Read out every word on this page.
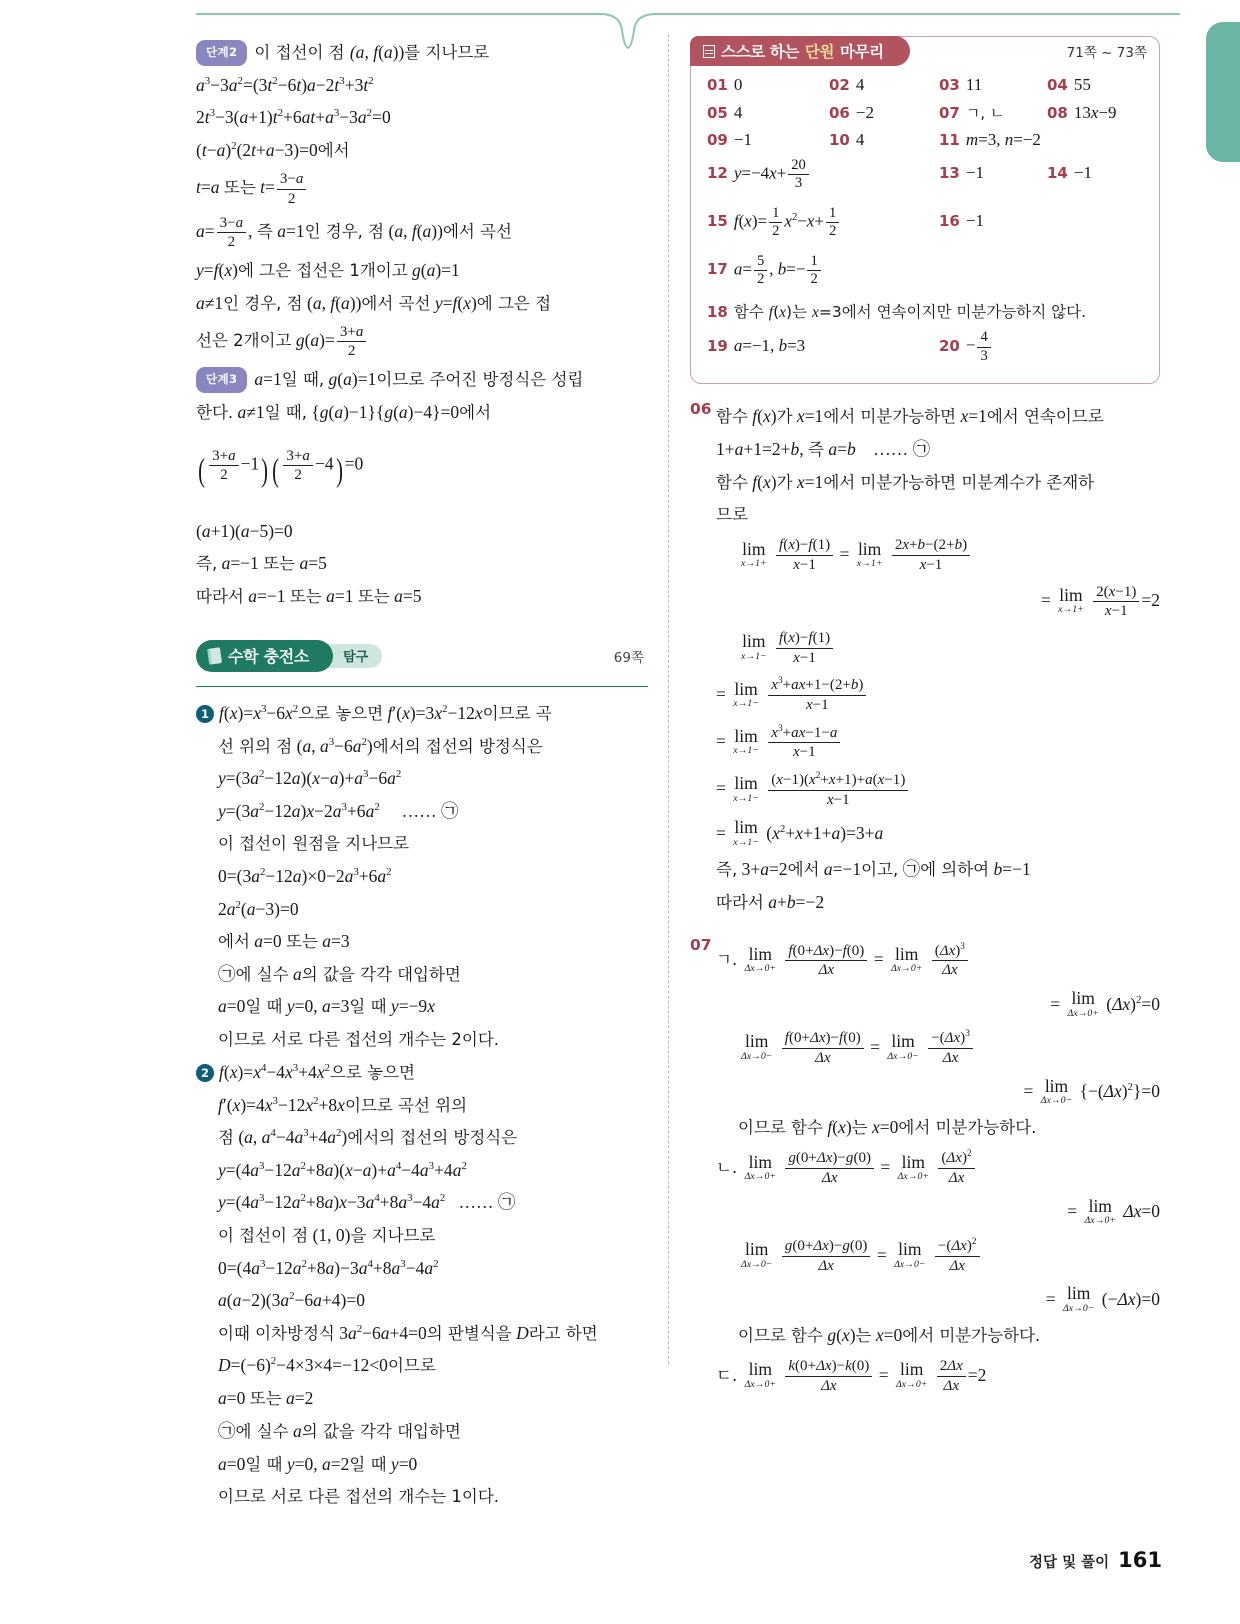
단계2 이 접선이 점 (a, f(a))를 지나므로
$a^3-3a^2=(3t^2-6t)a-2t^3+3t^2$
$2t^3-3(a+1)t^2+6at+a^3-3a^2=0$
$(t-a)^2(2t+a-3)=0$에서
t=a 또는 $t= \frac{3-a}{2}$
$a= \frac{3-a}{2}$ , 즉 a=1인 경우, 점 (a, f(a))에서 곡선
y=f(x)에 그은 접선은 1개이고 g(a)=1
a≠1인 경우, 점 (a, f(a))에서 곡선 y=f(x)에 그은 접
선은 2개이고 $g(a)= \frac{3+a}{2}$
단계3 a=1일 때, g(a)=1이므로 주어진 방정식은 성립
한다. a≠1일 때, {g(a)−1}{g(a)−4}=0에서
( $\frac{3+a}{2} -1$) ( $\frac{3+a}{2} -4) =0$
(a+1)(a−5)=0
즉, a=−1 또는 a=5
따라서 a=−1 또는 a=1 또는 a=5
수학 충전소	탐구	69쪽
1 $f(x)=x^3-6x^2$으로 놓으면 $f'(x)=3x^2-12x$이므로 곡
선 위의 점 (a, $a^3-6a^2$)에서의 접선의 방정식은
$y=(3a^2-12a)(x-a)+a^3-6a^2$
$y=(3a^2-12a)x-2a^3+6a^2$     …… ㉠
이 접선이 원점을 지나므로
$0=(3a^2-12a)\times 0-2a^3+6a^2$
$2a^2(a-3)=0$
에서 a=0 또는 a=3
㉠에 실수 a의 값을 각각 대입하면
a=0일 때 y=0, a=3일 때 y=−9x
이므로 서로 다른 접선의 개수는 2이다.
2 $f(x)=x^4-4x^3+4x^2$으로 놓으면
$f'(x)=4x^3-12x^2+8x$이므로 곡선 위의
점 (a, $a^4-4a^3+4a^2$)에서의 접선의 방정식은
$y=(4a^3-12a^2+8a)(x-a)+a^4-4a^3+4a^2$
$y=(4a^3-12a^2+8a)x-3a^4+8a^3-4a^2$   …… ㉠
이 접선이 점 (1, 0)을 지나므로
$0=(4a^3-12a^2+8a)-3a^4+8a^3-4a^2$
$a(a-2)(3a^2-6a+4)=0$
이때 이차방정식 $3a^2-6a+4=0$의 판별식을 D라고 하면
$D=(-6)^2-4\times 3\times 4=-12<0$이므로
a=0 또는 a=2
㉠에 실수 a의 값을 각각 대입하면
a=0일 때 y=0, a=2일 때 y=0
이므로 서로 다른 접선의 개수는 1이다.
스스로 하는 단원 마무리	71쪽 ~ 73쪽
01 0	02 4	03 11	04 55
05 4	06 −2	07 ㄱ, ㄴ	08 13x−9
09 −1	10 4	11 m=3, n=−2
12 $y=-4x+ \frac{20}{3}$	13 −1	14 −1
15 $f(x)= \frac{1}{2} x^2-x+ \frac{1}{2}$	16 −1
17 $a= \frac{5}{2}$ , $b=- \frac{1}{2}$
18 함수 f(x)는 x=3에서 연속이지만 미분가능하지 않다.
19 a=−1, b=3	$20 - \frac{4}{3}$
06 함수 f(x)가 x=1에서 미분가능하면 x=1에서 연속이므로
1+a+1=2+b, 즉 a=b    …… ㉠
함수 f(x)가 x=1에서 미분가능하면 미분계수가 존재하
므로
lim
x→1+
$\frac{f(x)-f(1)}{x-1} = \lim$
x→1+
$\frac{2x+b-(2+b)}{x-1}$
= lim
x→1+
$\frac{2(x-1)}{x-1} =2$
lim
x→1−
$\frac{f(x)-f(1)}{x-1}$
= lim
x→1−
$\frac{x^3+ax+1-(2+b)}{x-1}$
= lim
x→1−
$\frac{x^3+ax-1-a}{x-1}$
= lim
x→1−
$\frac{(x-1)(x^2+x+1)+a(x-1)}{x-1}$
= lim
$x\to 1- (x^2+x+1+a)=3+a$
즉, 3+a=2에서 a=−1이고, ㉠에 의하여 b=−1
따라서 a+b=−2
07
ㄱ. lim
Δx→0+
$\frac{f(0+\Delta x)-f(0)}{\Delta x} = \lim$
Δx→0+
$\frac{(\Delta x)^3}{\Delta x}$
= lim
$\Delta x\to 0+ (\Delta x)^2=0$
lim
Δx→0−
$\frac{f(0+\Delta x)-f(0)}{\Delta x} = \lim$
Δx→0−
$\frac{-(\Delta x)^3}{\Delta x}$
= lim
$\Delta x\to 0- \{-(\Delta x)^2\}=0$
이므로 함수 f(x)는 x=0에서 미분가능하다.
ㄴ. lim
Δx→0+
$\frac{g(0+\Delta x)-g(0)}{\Delta x} = \lim$
Δx→0+
$\frac{(\Delta x)^2}{\Delta x}$
= lim
Δx→0+ Δx=0
lim
Δx→0−
$\frac{g(0+\Delta x)-g(0)}{\Delta x} = \lim$
Δx→0−
$\frac{-(\Delta x)^2}{\Delta x}$
= lim
Δx→0− (−Δx)=0
이므로 함수 g(x)는 x=0에서 미분가능하다.
ㄷ. lim
Δx→0+
$\frac{k(0+\Delta x)-k(0)}{\Delta x} = \lim$
Δx→0+
$\frac{2\Delta x}{\Delta x} =2$
정답 및 풀이 161
